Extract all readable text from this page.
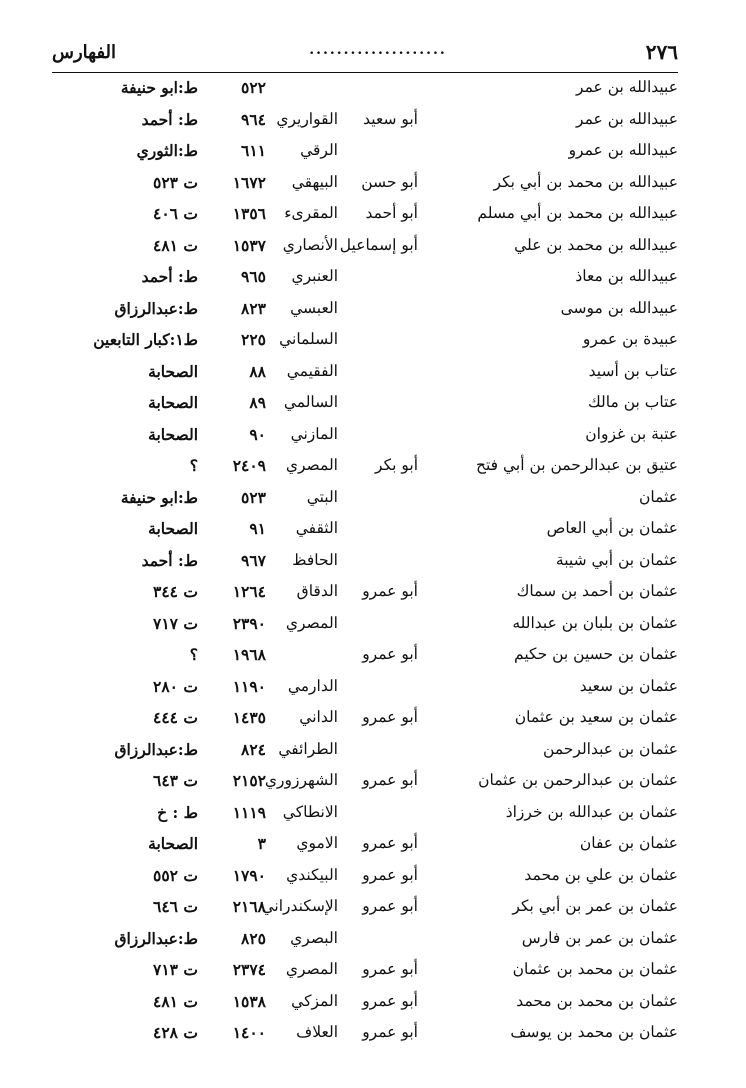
٢٧٦
....................
الفهارس
عبيدالله بن عمر
٥٢٢
ط:ابو حنيفة
عبيدالله بن عمر
أبو سعيد
القواريري
٩٦٤
ط: أحمد
عبيدالله بن عمرو
الرقي
٦١١
ط:الثوري
عبيدالله بن محمد بن أبي بكر
أبو حسن
البيهقي
١٦٧٢
ت ٥٢٣
عبيدالله بن محمد بن أبي مسلم
أبو أحمد
المقرىء
١٣٥٦
ت ٤٠٦
عبيدالله بن محمد بن علي
أبو إسماعيل
الأنصاري
١٥٣٧
ت ٤٨١
عبيدالله بن معاذ
العنبري
٩٦٥
ط: أحمد
عبيدالله بن موسى
العبسي
٨٢٣
ط:عبدالرزاق
عبيدة بن عمرو
السلماني
٢٢٥
ط١:كبار التابعين
عتاب بن أسيد
الفقيمي
٨٨
الصحابة
عتاب بن مالك
السالمي
٨٩
الصحابة
عتبة بن غزوان
المازني
٩٠
الصحابة
عتيق بن عبدالرحمن بن أبي فتح
أبو بكر
المصري
٢٤٠٩
؟
عثمان
البتي
٥٢٣
ط:ابو حنيفة
عثمان بن أبي العاص
الثقفي
٩١
الصحابة
عثمان بن أبي شيبة
الحافظ
٩٦٧
ط: أحمد
عثمان بن أحمد بن سماك
أبو عمرو
الدقاق
١٢٦٤
ت ٣٤٤
عثمان بن بلبان بن عبدالله
المصري
٢٣٩٠
ت ٧١٧
عثمان بن حسين بن حكيم
أبو عمرو
١٩٦٨
؟
عثمان بن سعيد
الدارمي
١١٩٠
ت ٢٨٠
عثمان بن سعيد بن عثمان
أبو عمرو
الداني
١٤٣٥
ت ٤٤٤
عثمان بن عبدالرحمن
الطرائفي
٨٢٤
ط:عبدالرزاق
عثمان بن عبدالرحمن بن عثمان
أبو عمرو
الشهرزوري
٢١٥٢
ت ٦٤٣
عثمان بن عبدالله بن خرزاذ
الانطاكي
١١١٩
ط : خ
عثمان بن عفان
أبو عمرو
الاموي
٣
الصحابة
عثمان بن علي بن محمد
أبو عمرو
البيكندي
١٧٩٠
ت ٥٥٢
عثمان بن عمر بن أبي بكر
أبو عمرو
الإسكندراني
٢١٦٨
ت ٦٤٦
عثمان بن عمر بن فارس
البصري
٨٢٥
ط:عبدالرزاق
عثمان بن محمد بن عثمان
أبو عمرو
المصري
٢٣٧٤
ت ٧١٣
عثمان بن محمد بن محمد
أبو عمرو
المزكي
١٥٣٨
ت ٤٨١
عثمان بن محمد بن يوسف
أبو عمرو
العلاف
١٤٠٠
ت ٤٢٨
